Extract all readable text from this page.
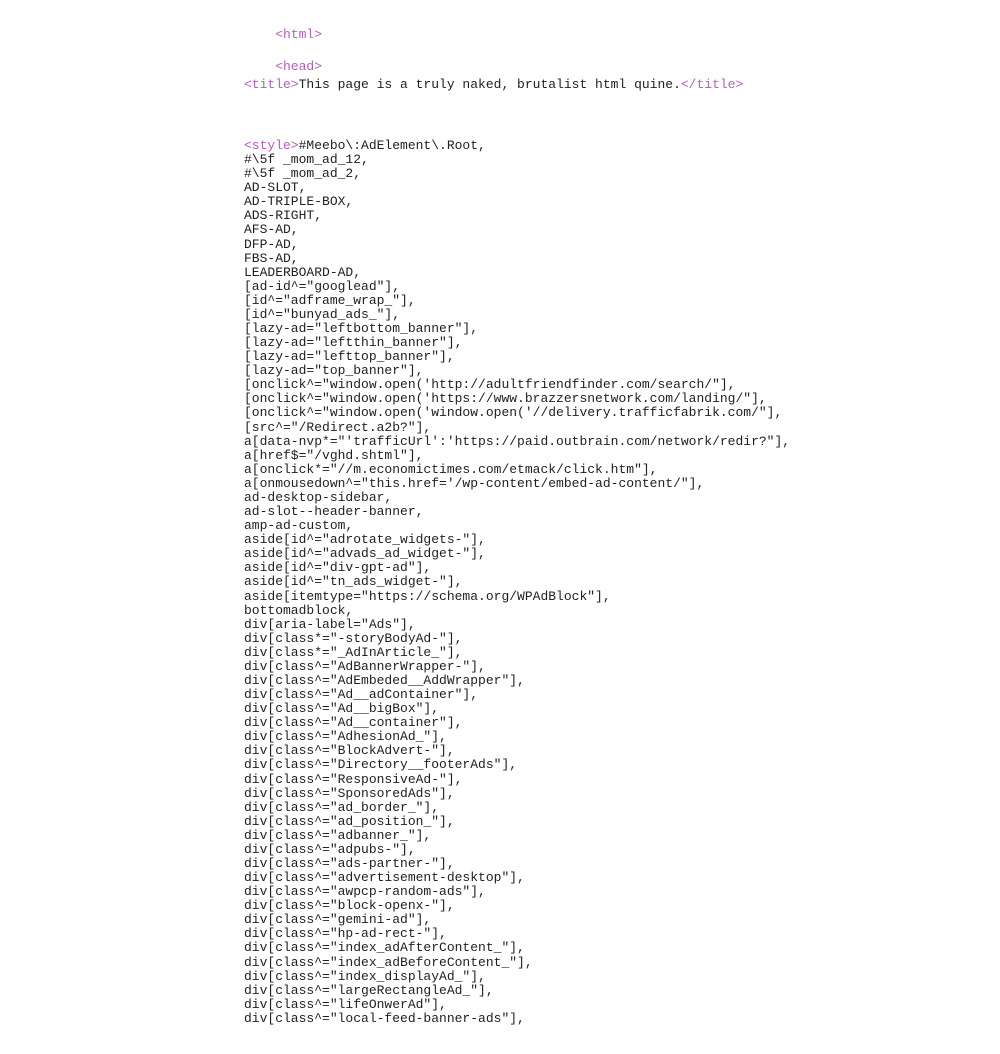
<html>

<head>

<title>This page is a truly naked, brutalist html quine.</title>

<style>#Meebo\:AdElement\.Root,
#\5f _mom_ad_12,
#\5f _mom_ad_2,
AD-SLOT,
AD-TRIPLE-BOX,
ADS-RIGHT,
AFS-AD,
DFP-AD,
FBS-AD,
LEADERBOARD-AD,
[ad-id^="googlead"],
[id^="adframe_wrap_"],
[id^="bunyad_ads_"],
[lazy-ad="leftbottom_banner"],
[lazy-ad="leftthin_banner"],
[lazy-ad="lefttop_banner"],
[lazy-ad="top_banner"],
[onclick^="window.open('http://adultfriendfinder.com/search/"],
[onclick^="window.open('https://www.brazzersnetwork.com/landing/"],
[onclick^="window.open('window.open('//delivery.trafficfabrik.com/"],
[src^="/Redirect.a2b?"],
a[data-nvp*="'trafficUrl':'https://paid.outbrain.com/network/redir?"],
a[href$="/vghd.shtml"],
a[onclick*="//m.economictimes.com/etmack/click.htm"],
a[onmousedown^="this.href='/wp-content/embed-ad-content/"],
ad-desktop-sidebar,
ad-slot--header-banner,
amp-ad-custom,
aside[id^="adrotate_widgets-"],
aside[id^="advads_ad_widget-"],
aside[id^="div-gpt-ad"],
aside[id^="tn_ads_widget-"],
aside[itemtype="https://schema.org/WPAdBlock"],
bottomadblock,
div[aria-label="Ads"],
div[class*="-storyBodyAd-"],
div[class*="_AdInArticle_"],
div[class^="AdBannerWrapper-"],
div[class^="AdEmbeded__AddWrapper"],
div[class^="Ad__adContainer"],
div[class^="Ad__bigBox"],
div[class^="Ad__container"],
div[class^="AdhesionAd_"],
div[class^="BlockAdvert-"],
div[class^="Directory__footerAds"],
div[class^="ResponsiveAd-"],
div[class^="SponsoredAds"],
div[class^="ad_border_"],
div[class^="ad_position_"],
div[class^="adbanner_"],
div[class^="adpubs-"],
div[class^="ads-partner-"],
div[class^="advertisement-desktop"],
div[class^="awpcp-random-ads"],
div[class^="block-openx-"],
div[class^="gemini-ad"],
div[class^="hp-ad-rect-"],
div[class^="index_adAfterContent_"],
div[class^="index_adBeforeContent_"],
div[class^="index_displayAd_"],
div[class^="largeRectangleAd_"],
div[class^="lifeOnwerAd"],
div[class^="local-feed-banner-ads"],
